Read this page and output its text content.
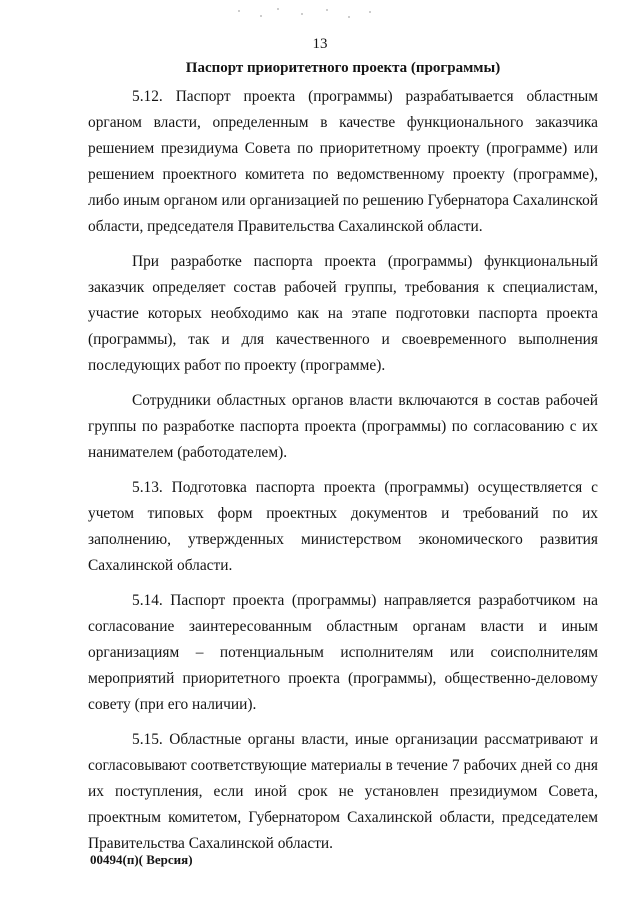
13
Паспорт приоритетного проекта (программы)

5.12. Паспорт проекта (программы) разрабатывается областным органом власти, определенным в качестве функционального заказчика решением президиума Совета по приоритетному проекту (программе) или решением проектного комитета по ведомственному проекту (программе), либо иным органом или организацией по решению Губернатора Сахалинской области, председателя Правительства Сахалинской области.

При разработке паспорта проекта (программы) функциональный заказчик определяет состав рабочей группы, требования к специалистам, участие которых необходимо как на этапе подготовки паспорта проекта (программы), так и для качественного и своевременного выполнения последующих работ по проекту (программе).

Сотрудники областных органов власти включаются в состав рабочей группы по разработке паспорта проекта (программы) по согласованию с их нанимателем (работодателем).

5.13. Подготовка паспорта проекта (программы) осуществляется с учетом типовых форм проектных документов и требований по их заполнению, утвержденных министерством экономического развития Сахалинской области.

5.14. Паспорт проекта (программы) направляется разработчиком на согласование заинтересованным областным органам власти и иным организациям – потенциальным исполнителям или соисполнителям мероприятий приоритетного проекта (программы), общественно-деловому совету (при его наличии).

5.15. Областные органы власти, иные организации рассматривают и согласовывают соответствующие материалы в течение 7 рабочих дней со дня их поступления, если иной срок не установлен президиумом Совета, проектным комитетом, Губернатором Сахалинской области, председателем Правительства Сахалинской области.

00494(п)( Версия)
